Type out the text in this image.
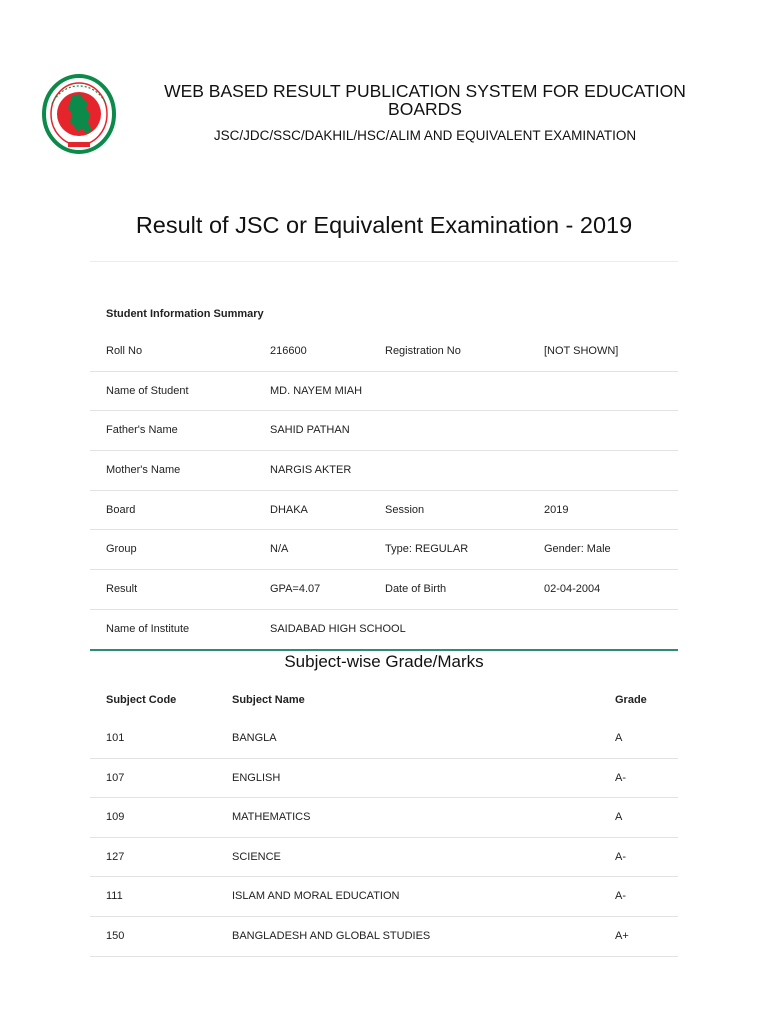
WEB BASED RESULT PUBLICATION SYSTEM FOR EDUCATION BOARDS
JSC/JDC/SSC/DAKHIL/HSC/ALIM AND EQUIVALENT EXAMINATION
Result of JSC or Equivalent Examination - 2019
Student Information Summary
Roll No	216600	Registration No	[NOT SHOWN]
Name of Student	MD. NAYEM MIAH
Father's Name	SAHID PATHAN
Mother's Name	NARGIS AKTER
Board	DHAKA	Session	2019
Group	N/A	Type: REGULAR	Gender: Male
Result	GPA=4.07	Date of Birth	02-04-2004
Name of Institute	SAIDABAD HIGH SCHOOL
Subject-wise Grade/Marks
Subject Code	Subject Name	Grade
101	BANGLA	A
107	ENGLISH	A-
109	MATHEMATICS	A
127	SCIENCE	A-
111	ISLAM AND MORAL EDUCATION	A-
150	BANGLADESH AND GLOBAL STUDIES	A+
